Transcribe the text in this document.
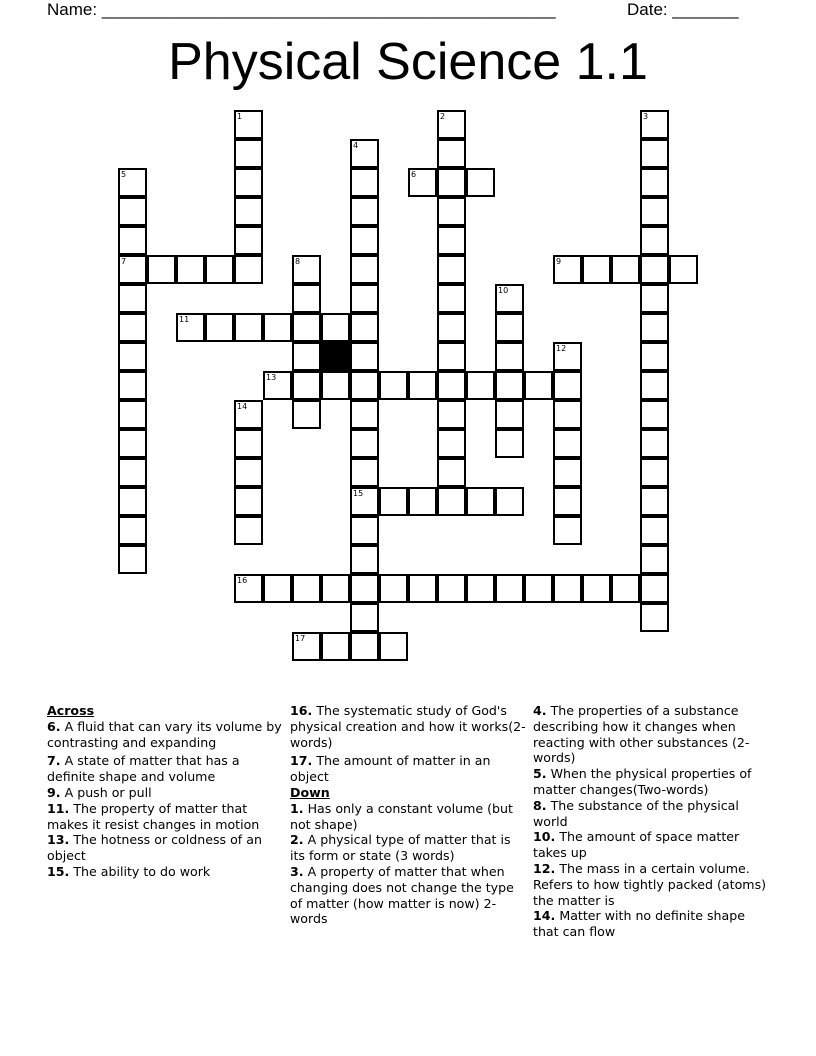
Name: ________________________________________________	Date: _______
Physical Science 1.1
6
7	9
11
13
15
16
17
1	2	3
4
5
8
10
12
14
Across
6. A fluid that can vary its volume by contrasting and expanding
7. A state of matter that has a definite shape and volume
9. A push or pull
11. The property of matter that makes it resist changes in motion
13. The hotness or coldness of an object
15. The ability to do work
16. The systematic study of God's physical creation and how it works(2-words)
17. The amount of matter in an object
Down
1. Has only a constant volume (but not shape)
2. A physical type of matter that is its form or state (3 words)
3. A property of matter that when changing does not change the type of matter (how matter is now) 2-words
4. The properties of a substance describing how it changes when reacting with other substances (2-words)
5. When the physical properties of matter changes(Two-words)
8. The substance of the physical world
10. The amount of space matter takes up
12. The mass in a certain volume. Refers to how tightly packed (atoms) the matter is
14. Matter with no definite shape that can flow
